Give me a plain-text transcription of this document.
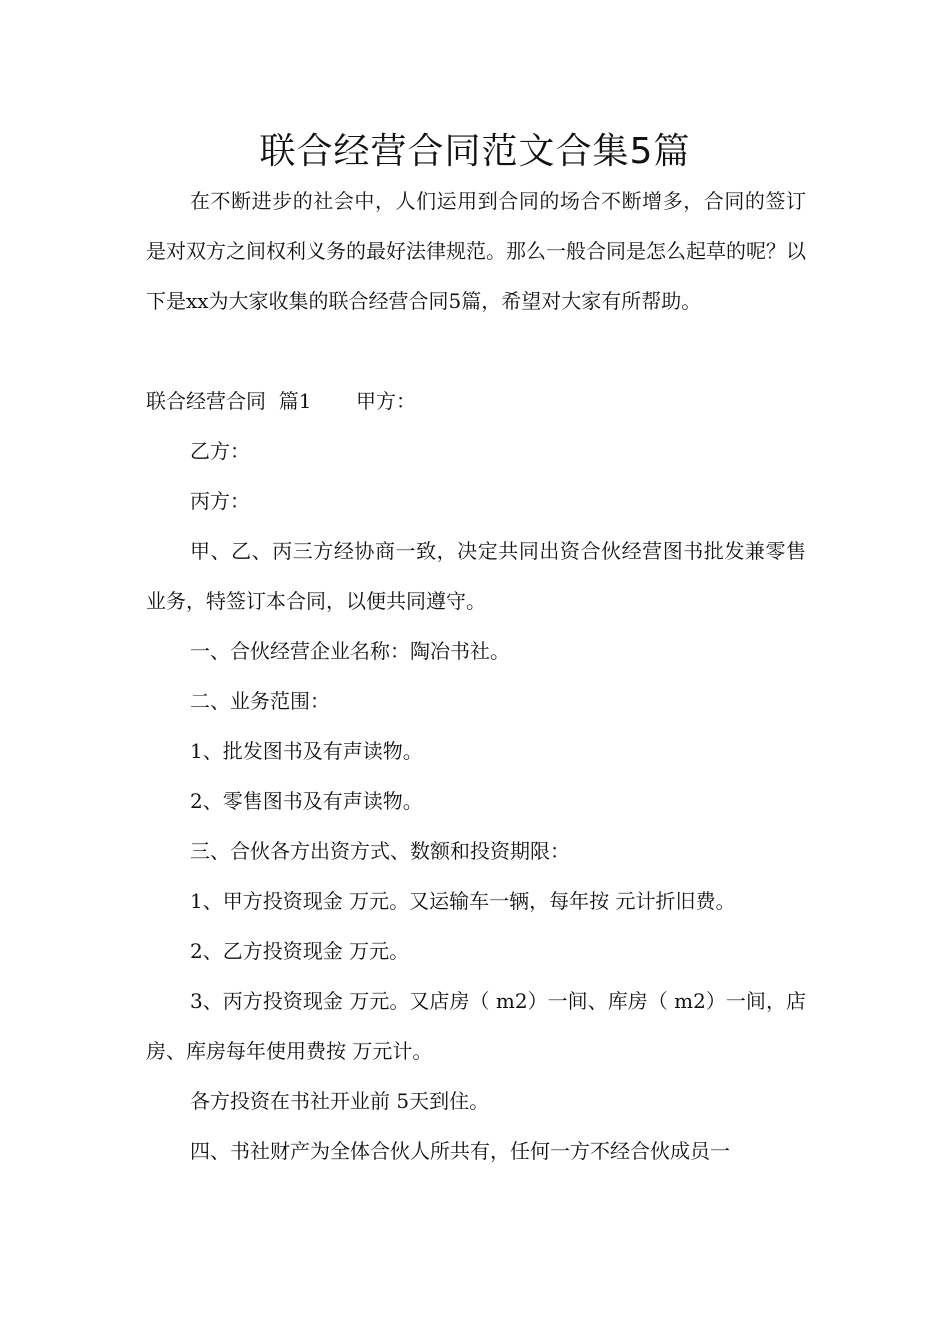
联合经营合同范文合集5篇

在不断进步的社会中，人们运用到合同的场合不断增多，合同的签订是对双方之间权利义务的最好法律规范。那么一般合同是怎么起草的呢？以下是xx为大家收集的联合经营合同5篇，希望对大家有所帮助。

联合经营合同  篇1       甲方：

乙方：

丙方：

甲、乙、丙三方经协商一致，决定共同出资合伙经营图书批发兼零售业务，特签订本合同，以便共同遵守。

一、合伙经营企业名称：陶冶书社。

二、业务范围：

1、批发图书及有声读物。

2、零售图书及有声读物。

三、合伙各方出资方式、数额和投资期限：

1、甲方投资现金 万元。又运输车一辆，每年按 元计折旧费。

2、乙方投资现金 万元。

3、丙方投资现金 万元。又店房（ m2）一间、库房（ m2）一间，店房、库房每年使用费按 万元计。

各方投资在书社开业前 5天到住。

四、书社财产为全体合伙人所共有，任何一方不经合伙成员一
